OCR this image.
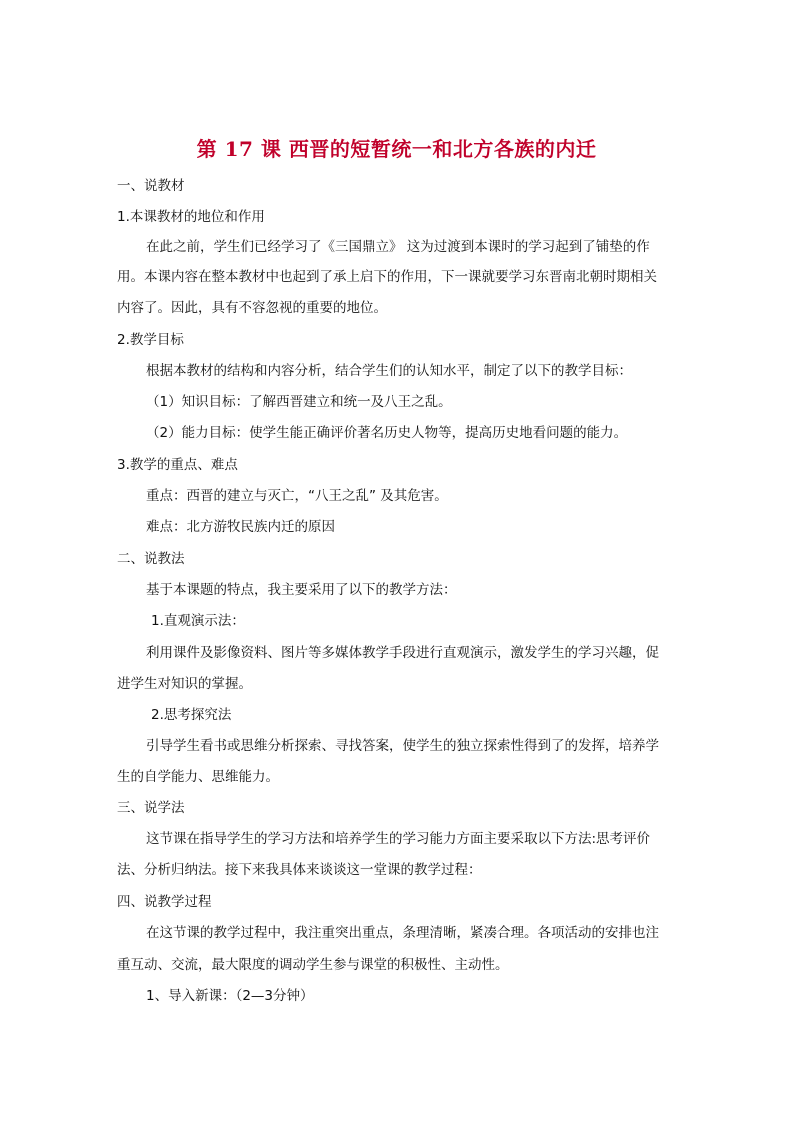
第 17 课 西晋的短暂统一和北方各族的内迁

一、说教材

1.本课教材的地位和作用

在此之前，学生们已经学习了《三国鼎立》 这为过渡到本课时的学习起到了铺垫的作

用。本课内容在整本教材中也起到了承上启下的作用，下一课就要学习东晋南北朝时期相关

内容了。因此，具有不容忽视的重要的地位。

2.教学目标

根据本教材的结构和内容分析，结合学生们的认知水平，制定了以下的教学目标：

（1）知识目标：了解西晋建立和统一及八王之乱。

（2）能力目标：使学生能正确评价著名历史人物等，提高历史地看问题的能力。

3.教学的重点、难点

重点：西晋的建立与灭亡，“八王之乱” 及其危害。

难点：北方游牧民族内迁的原因

二、说教法

基于本课题的特点，我主要采用了以下的教学方法：

1.直观演示法：

利用课件及影像资料、图片等多媒体教学手段进行直观演示，激发学生的学习兴趣，促

进学生对知识的掌握。

2.思考探究法

引导学生看书或思维分析探索、寻找答案，使学生的独立探索性得到了的发挥，培养学

生的自学能力、思维能力。

三、说学法

这节课在指导学生的学习方法和培养学生的学习能力方面主要采取以下方法:思考评价

法、分析归纳法。接下来我具体来谈谈这一堂课的教学过程：

四、说教学过程

在这节课的教学过程中，我注重突出重点，条理清晰，紧凑合理。各项活动的安排也注

重互动、交流，最大限度的调动学生参与课堂的积极性、主动性。

1、导入新课：（2—3分钟）
